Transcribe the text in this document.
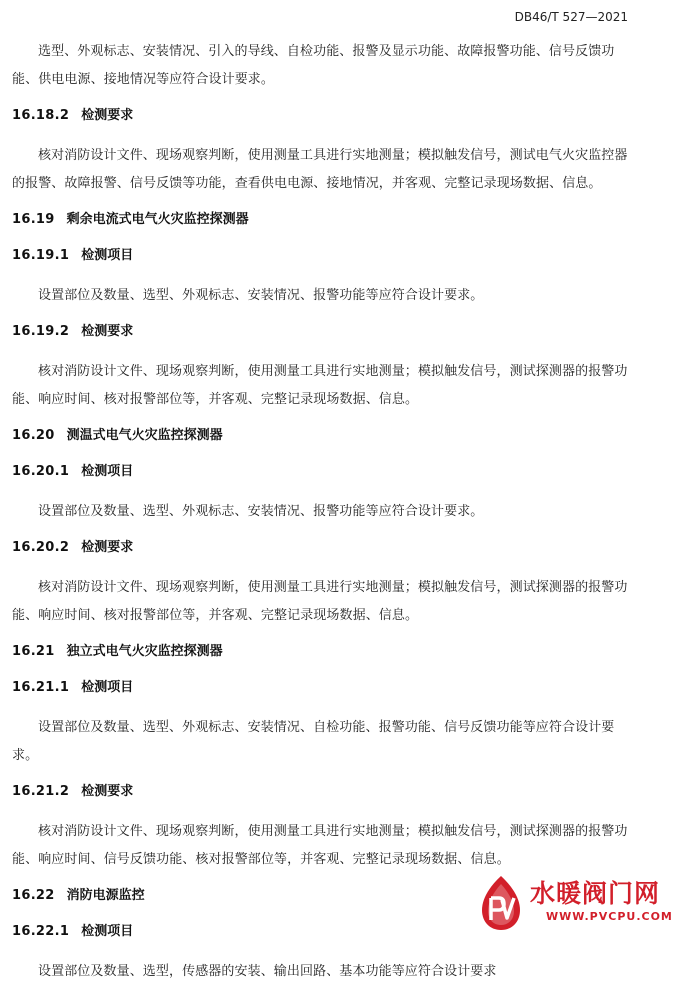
DB46/T 527—2021

选型、外观标志、安装情况、引入的导线、自检功能、报警及显示功能、故障报警功能、信号反馈功能、供电电源、接地情况等应符合设计要求。

16.18.2 检测要求

核对消防设计文件、现场观察判断，使用测量工具进行实地测量；模拟触发信号，测试电气火灾监控器的报警、故障报警、信号反馈等功能，查看供电电源、接地情况，并客观、完整记录现场数据、信息。

16.19 剩余电流式电气火灾监控探测器
16.19.1 检测项目

设置部位及数量、选型、外观标志、安装情况、报警功能等应符合设计要求。

16.19.2 检测要求

核对消防设计文件、现场观察判断，使用测量工具进行实地测量；模拟触发信号，测试探测器的报警功能、响应时间、核对报警部位等，并客观、完整记录现场数据、信息。

16.20 测温式电气火灾监控探测器
16.20.1 检测项目

设置部位及数量、选型、外观标志、安装情况、报警功能等应符合设计要求。

16.20.2 检测要求

核对消防设计文件、现场观察判断，使用测量工具进行实地测量；模拟触发信号，测试探测器的报警功能、响应时间、核对报警部位等，并客观、完整记录现场数据、信息。

16.21 独立式电气火灾监控探测器
16.21.1 检测项目

设置部位及数量、选型、外观标志、安装情况、自检功能、报警功能、信号反馈功能等应符合设计要求。

16.21.2 检测要求

核对消防设计文件、现场观察判断，使用测量工具进行实地测量；模拟触发信号，测试探测器的报警功能、响应时间、信号反馈功能、核对报警部位等，并客观、完整记录现场数据、信息。

16.22 消防电源监控
16.22.1 检测项目

设置部位及数量、选型，传感器的安装、输出回路、基本功能等应符合设计要求

水暖阀门网
WWW.PVCPU.COM
